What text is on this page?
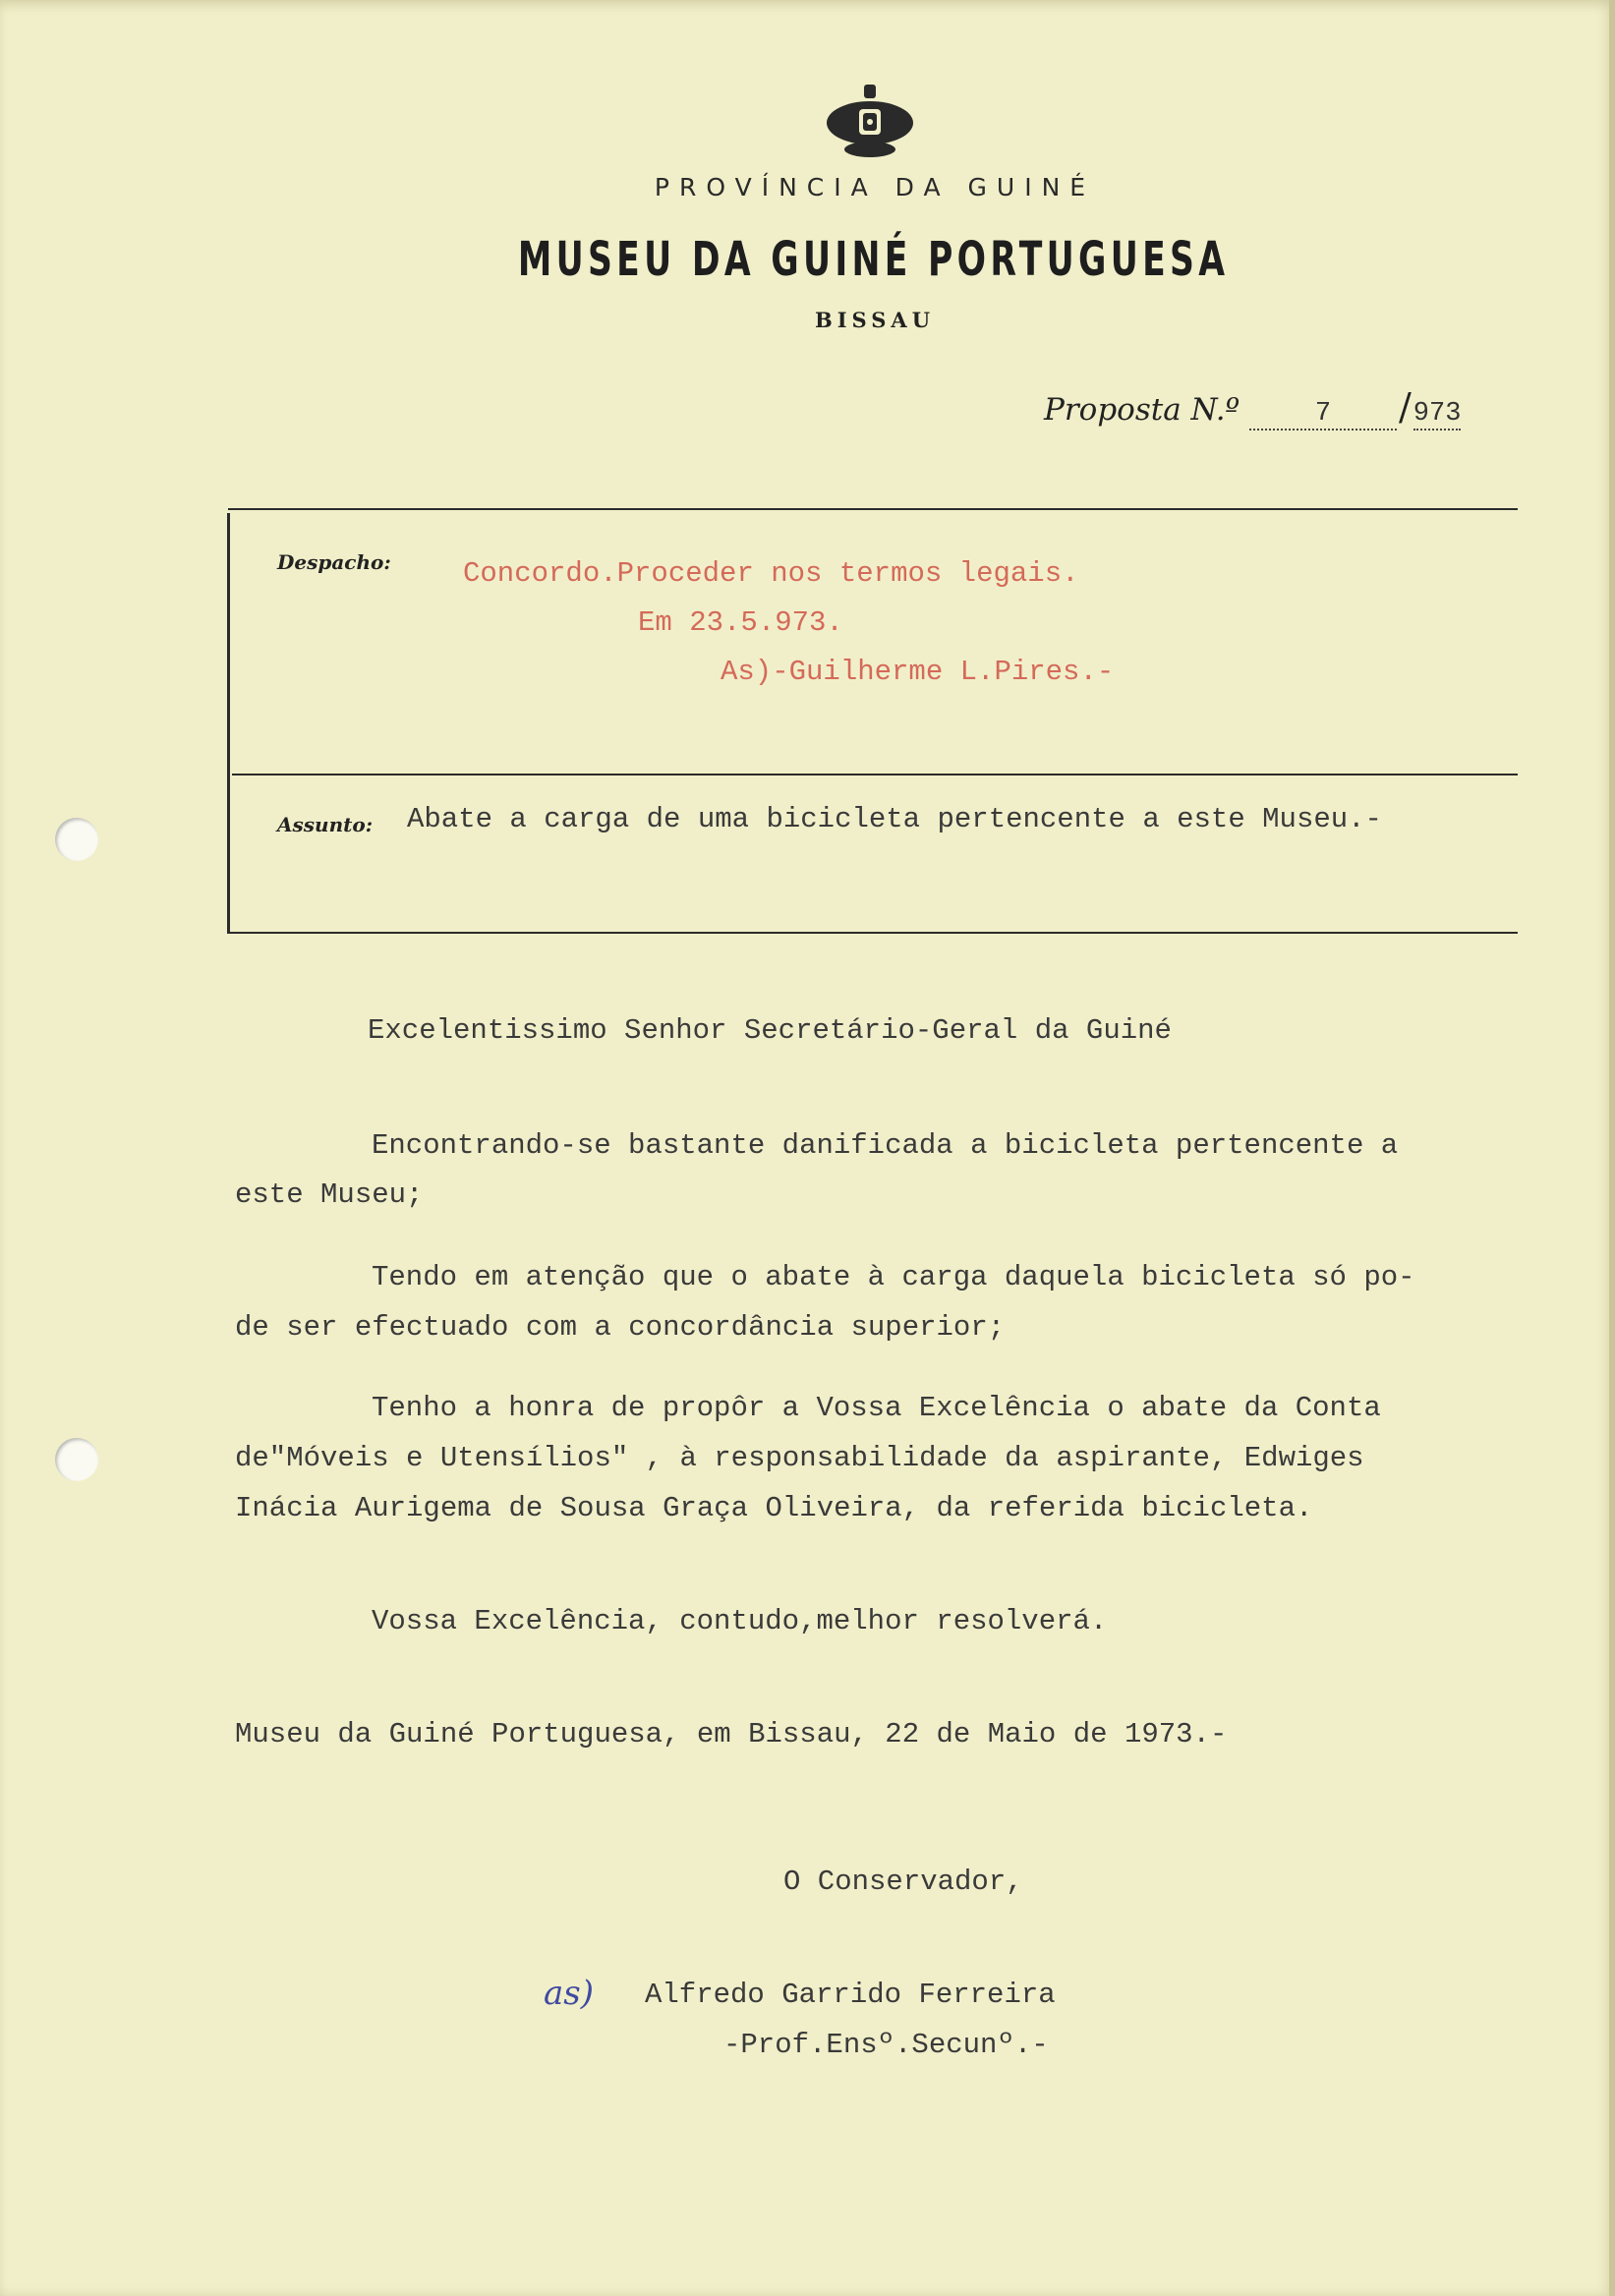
PROVÍNCIA DA GUINÉ
MUSEU DA GUINÉ PORTUGUESA
BISSAU
Proposta N.º	7 /973
Despacho:	Concordo.Proceder nos termos legais.
Em 23.5.973.
As)-Guilherme L.Pires.-
Assunto: Abate a carga de uma bicicleta pertencente a este Museu.-
Excelentissimo Senhor Secretário-Geral da Guiné
Encontrando-se bastante danificada a bicicleta pertencente a
este Museu;
Tendo em atenção que o abate à carga daquela bicicleta só po-
de ser efectuado com a concordância superior;
Tenho a honra de propôr a Vossa Excelência o abate da Conta
de"Móveis e Utensílios" , à responsabilidade da aspirante, Edwiges
Inácia Aurigema de Sousa Graça Oliveira, da referida bicicleta.
Vossa Excelência, contudo,melhor resolverá.
Museu da Guiné Portuguesa, em Bissau, 22 de Maio de 1973.-
O Conservador,
as) Alfredo Garrido Ferreira
-Prof.Ensº.Secunº.-
